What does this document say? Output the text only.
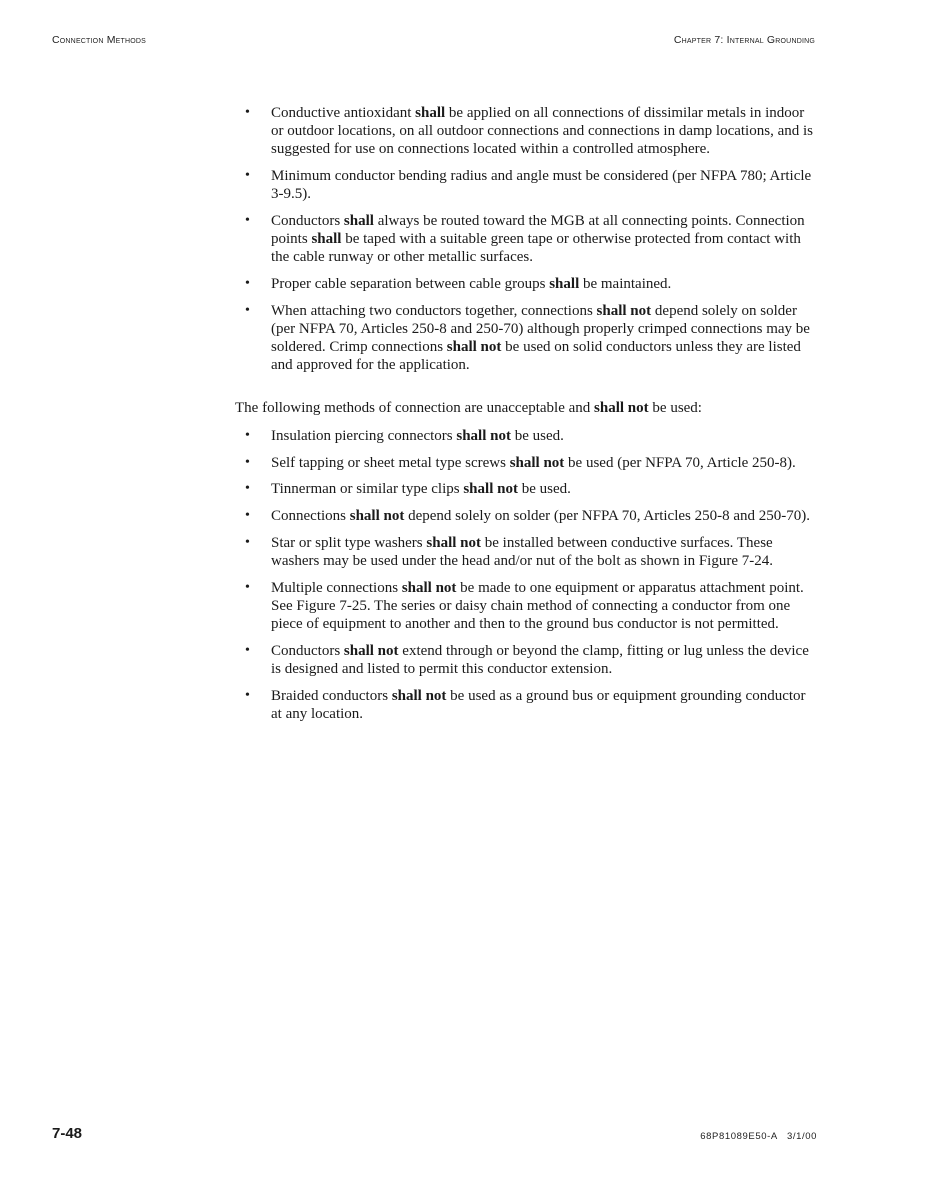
Connection Methods	Chapter 7: Internal Grounding
• Conductive antioxidant shall be applied on all connections of dissimilar metals in indoor or outdoor locations, on all outdoor connections and connections in damp locations, and is suggested for use on connections located within a controlled atmosphere.
• Minimum conductor bending radius and angle must be considered (per NFPA 780; Article 3-9.5).
• Conductors shall always be routed toward the MGB at all connecting points. Connection points shall be taped with a suitable green tape or otherwise protected from contact with the cable runway or other metallic surfaces.
• Proper cable separation between cable groups shall be maintained.
• When attaching two conductors together, connections shall not depend solely on solder (per NFPA 70, Articles 250-8 and 250-70) although properly crimped connections may be soldered. Crimp connections shall not be used on solid conductors unless they are listed and approved for the application.

The following methods of connection are unacceptable and shall not be used:

• Insulation piercing connectors shall not be used.
• Self tapping or sheet metal type screws shall not be used (per NFPA 70, Article 250-8).
• Tinnerman or similar type clips shall not be used.
• Connections shall not depend solely on solder (per NFPA 70, Articles 250-8 and 250-70).
• Star or split type washers shall not be installed between conductive surfaces. These washers may be used under the head and/or nut of the bolt as shown in Figure 7-24.
• Multiple connections shall not be made to one equipment or apparatus attachment point. See Figure 7-25. The series or daisy chain method of connecting a conductor from one piece of equipment to another and then to the ground bus conductor is not permitted.
• Conductors shall not extend through or beyond the clamp, fitting or lug unless the device is designed and listed to permit this conductor extension.
• Braided conductors shall not be used as a ground bus or equipment grounding conductor at any location.
7-48	68P81089E50-A   3/1/00
